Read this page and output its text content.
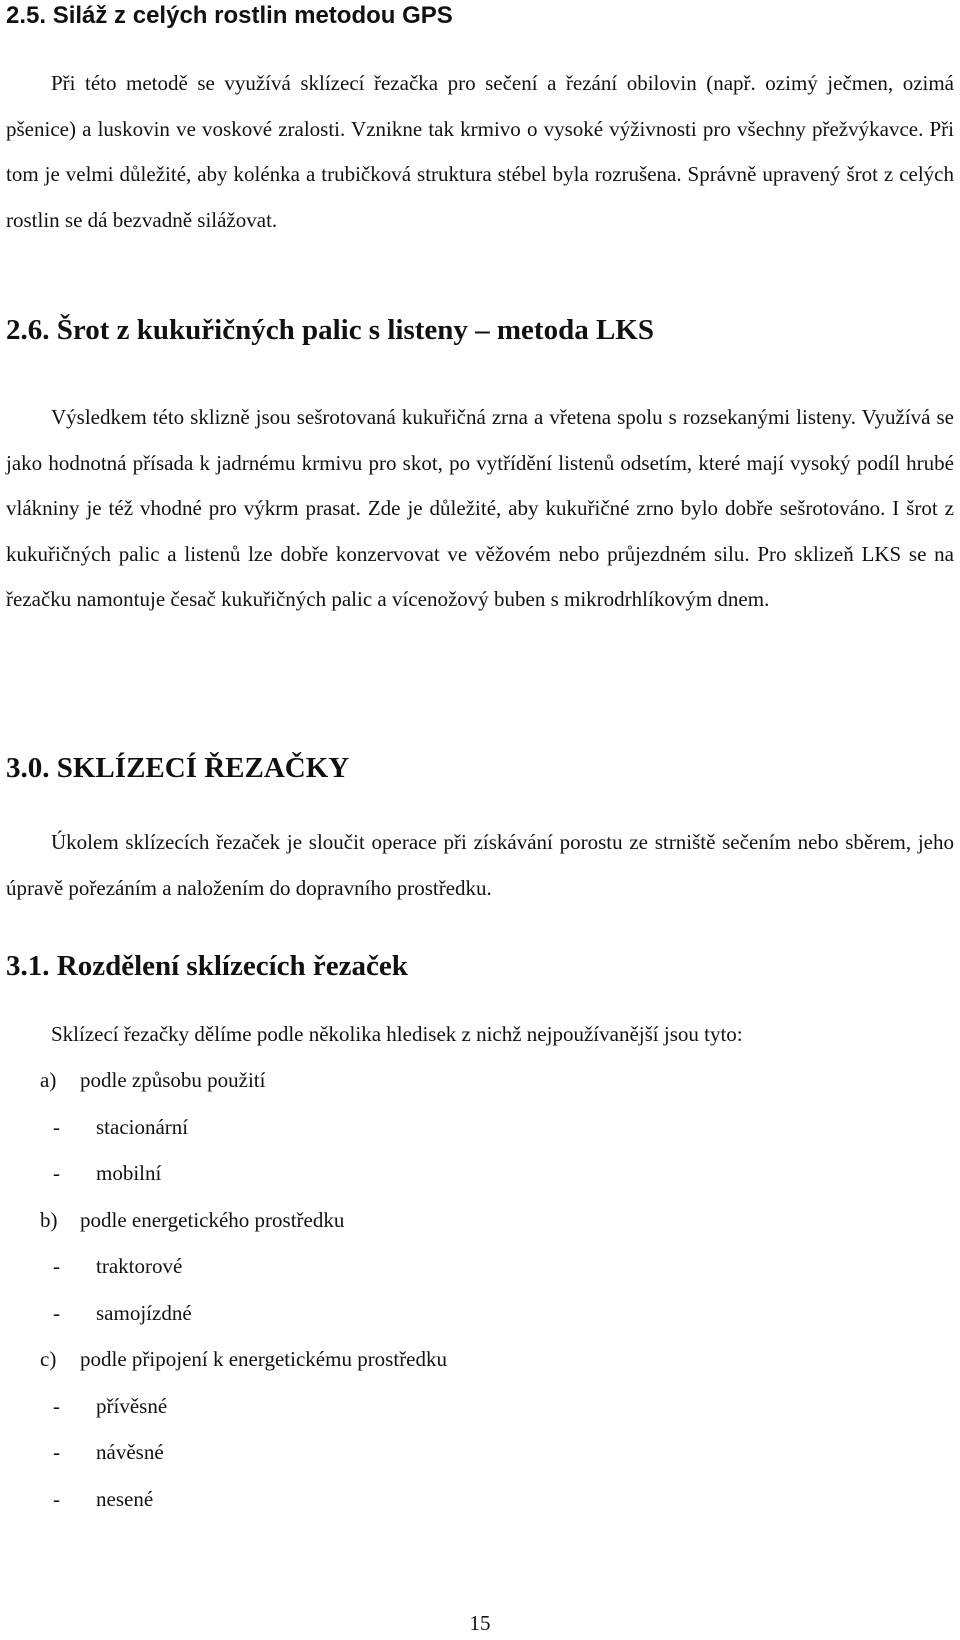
2.5. Siláž z celých rostlin metodou GPS

Při této metodě se využívá sklízecí řezačka pro sečení a řezání obilovin (např. ozimý ječmen, ozimá pšenice) a luskovin ve voskové zralosti. Vznikne tak krmivo o vysoké výživnosti pro všechny přežvýkavce. Při tom je velmi důležité, aby kolénka a trubičková struktura stébel byla rozrušena. Správně upravený šrot z celých rostlin se dá bezvadně silážovat.

2.6. Šrot z kukuřičných palic s listeny – metoda LKS

Výsledkem této sklizně jsou sešrotovaná kukuřičná zrna a vřetena spolu s rozsekanými listeny. Využívá se jako hodnotná přísada k jadrnému krmivu pro skot, po vytřídění listenů odsetím, které mají vysoký podíl hrubé vlákniny je též vhodné pro výkrm prasat. Zde je důležité, aby kukuřičné zrno bylo dobře sešrotováno. I šrot z kukuřičných palic a listenů lze dobře konzervovat ve věžovém nebo průjezdném silu. Pro sklizeň LKS se na řezačku namontuje česač kukuřičných palic a vícenožový buben s mikrodrhlíkovým dnem.

3.0. SKLÍZECÍ ŘEZAČKY

Úkolem sklízecích řezaček je sloučit operace při získávání porostu ze strniště sečením nebo sběrem, jeho úpravě pořezáním a naložením do dopravního prostředku.

3.1. Rozdělení sklízecích řezaček

Sklízecí řezačky dělíme podle několika hledisek z nichž nejpoužívanější jsou tyto:

a) podle způsobu použití
- stacionární
- mobilní
b) podle energetického prostředku
- traktorové
- samojízdné
c) podle připojení k energetickému prostředku
- přívěsné
- návěsné
- nesené

15
